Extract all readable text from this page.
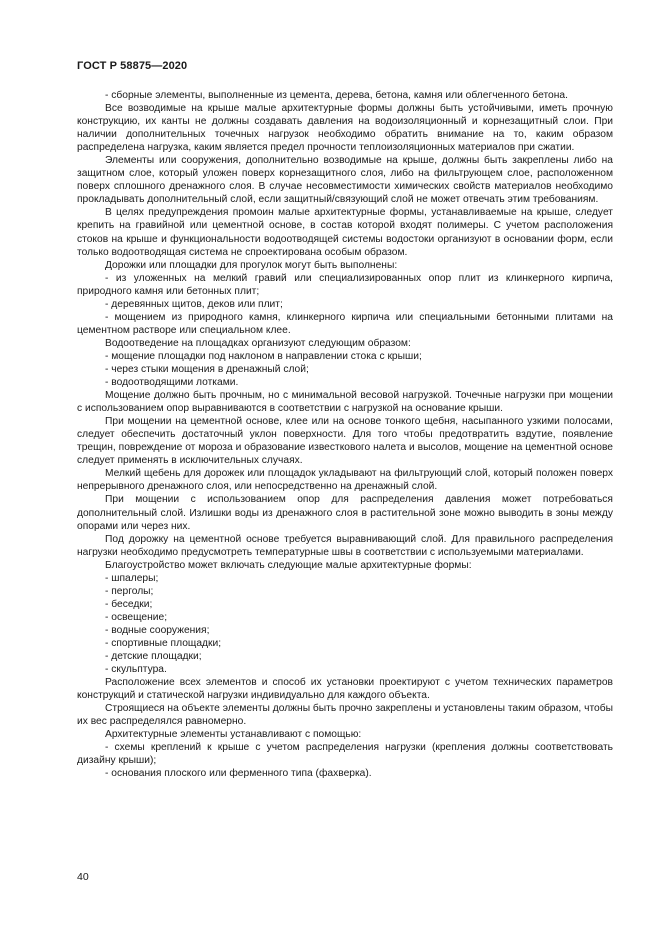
ГОСТ Р 58875—2020

- сборные элементы, выполненные из цемента, дерева, бетона, камня или облегченного бетона.

Все возводимые на крыше малые архитектурные формы должны быть устойчивыми, иметь прочную конструкцию, их канты не должны создавать давления на водоизоляционный и корнезащитный слои. При наличии дополнительных точечных нагрузок необходимо обратить внимание на то, каким образом распределена нагрузка, каким является предел прочности теплоизоляционных материалов при сжатии.

Элементы или сооружения, дополнительно возводимые на крыше, должны быть закреплены либо на защитном слое, который уложен поверх корнезащитного слоя, либо на фильтрующем слое, расположенном поверх сплошного дренажного слоя. В случае несовместимости химических свойств материалов необходимо прокладывать дополнительный слой, если защитный/связующий слой не может отвечать этим требованиям.

В целях предупреждения промоин малые архитектурные формы, устанавливаемые на крыше, следует крепить на гравийной или цементной основе, в состав которой входят полимеры. С учетом расположения стоков на крыше и функциональности водоотводящей системы водостоки организуют в основании форм, если только водоотводящая система не спроектирована особым образом.

Дорожки или площадки для прогулок могут быть выполнены:

- из уложенных на мелкий гравий или специализированных опор плит из клинкерного кирпича, природного камня или бетонных плит;

- деревянных щитов, деков или плит;

- мощением из природного камня, клинкерного кирпича или специальными бетонными плитами на цементном растворе или специальном клее.

Водоотведение на площадках организуют следующим образом:

- мощение площадки под наклоном в направлении стока с крыши;

- через стыки мощения в дренажный слой;

- водоотводящими лотками.

Мощение должно быть прочным, но с минимальной весовой нагрузкой. Точечные нагрузки при мощении с использованием опор выравниваются в соответствии с нагрузкой на основание крыши.

При мощении на цементной основе, клее или на основе тонкого щебня, насыпанного узкими полосами, следует обеспечить достаточный уклон поверхности. Для того чтобы предотвратить вздутие, появление трещин, повреждение от мороза и образование известкового налета и высолов, мощение на цементной основе следует применять в исключительных случаях.

Мелкий щебень для дорожек или площадок укладывают на фильтрующий слой, который положен поверх непрерывного дренажного слоя, или непосредственно на дренажный слой.

При мощении с использованием опор для распределения давления может потребоваться дополнительный слой. Излишки воды из дренажного слоя в растительной зоне можно выводить в зоны между опорами или через них.

Под дорожку на цементной основе требуется выравнивающий слой. Для правильного распределения нагрузки необходимо предусмотреть температурные швы в соответствии с используемыми материалами.

Благоустройство может включать следующие малые архитектурные формы:

- шпалеры;

- перголы;

- беседки;

- освещение;

- водные сооружения;

- спортивные площадки;

- детские площадки;

- скульптура.

Расположение всех элементов и способ их установки проектируют с учетом технических параметров конструкций и статической нагрузки индивидуально для каждого объекта.

Строящиеся на объекте элементы должны быть прочно закреплены и установлены таким образом, чтобы их вес распределялся равномерно.

Архитектурные элементы устанавливают с помощью:

- схемы креплений к крыше с учетом распределения нагрузки (крепления должны соответствовать дизайну крыши);

- основания плоского или ферменного типа (фахверка).

40
